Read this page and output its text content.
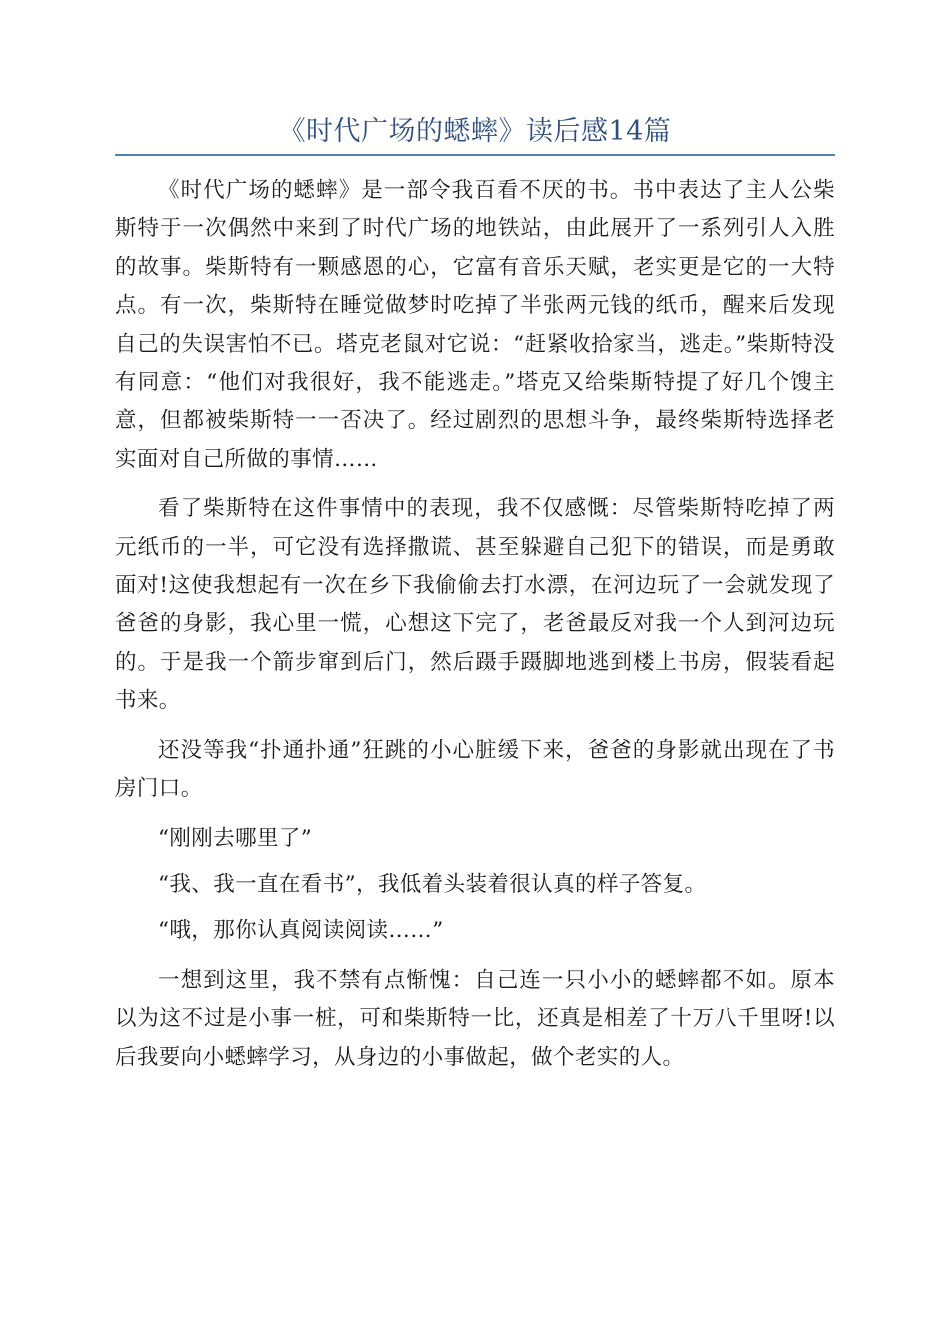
《时代广场的蟋蟀》读后感14篇

《时代广场的蟋蟀》是一部令我百看不厌的书。书中表达了主人公柴斯特于一次偶然中来到了时代广场的地铁站，由此展开了一系列引人入胜的故事。柴斯特有一颗感恩的心，它富有音乐天赋，老实更是它的一大特点。有一次，柴斯特在睡觉做梦时吃掉了半张两元钱的纸币，醒来后发现自己的失误害怕不已。塔克老鼠对它说：“赶紧收拾家当，逃走。”柴斯特没有同意：“他们对我很好，我不能逃走。”塔克又给柴斯特提了好几个馊主意，但都被柴斯特一一否决了。经过剧烈的思想斗争，最终柴斯特选择老实面对自己所做的事情……

看了柴斯特在这件事情中的表现，我不仅感慨：尽管柴斯特吃掉了两元纸币的一半，可它没有选择撒谎、甚至躲避自己犯下的错误，而是勇敢面对!这使我想起有一次在乡下我偷偷去打水漂，在河边玩了一会就发现了爸爸的身影，我心里一慌，心想这下完了，老爸最反对我一个人到河边玩的。于是我一个箭步窜到后门，然后蹑手蹑脚地逃到楼上书房，假装看起书来。

还没等我“扑通扑通”狂跳的小心脏缓下来，爸爸的身影就出现在了书房门口。

“刚刚去哪里了”

“我、我一直在看书”，我低着头装着很认真的样子答复。

“哦，那你认真阅读阅读……”

一想到这里，我不禁有点惭愧：自己连一只小小的蟋蟀都不如。原本以为这不过是小事一桩，可和柴斯特一比，还真是相差了十万八千里呀!以后我要向小蟋蟀学习，从身边的小事做起，做个老实的人。
